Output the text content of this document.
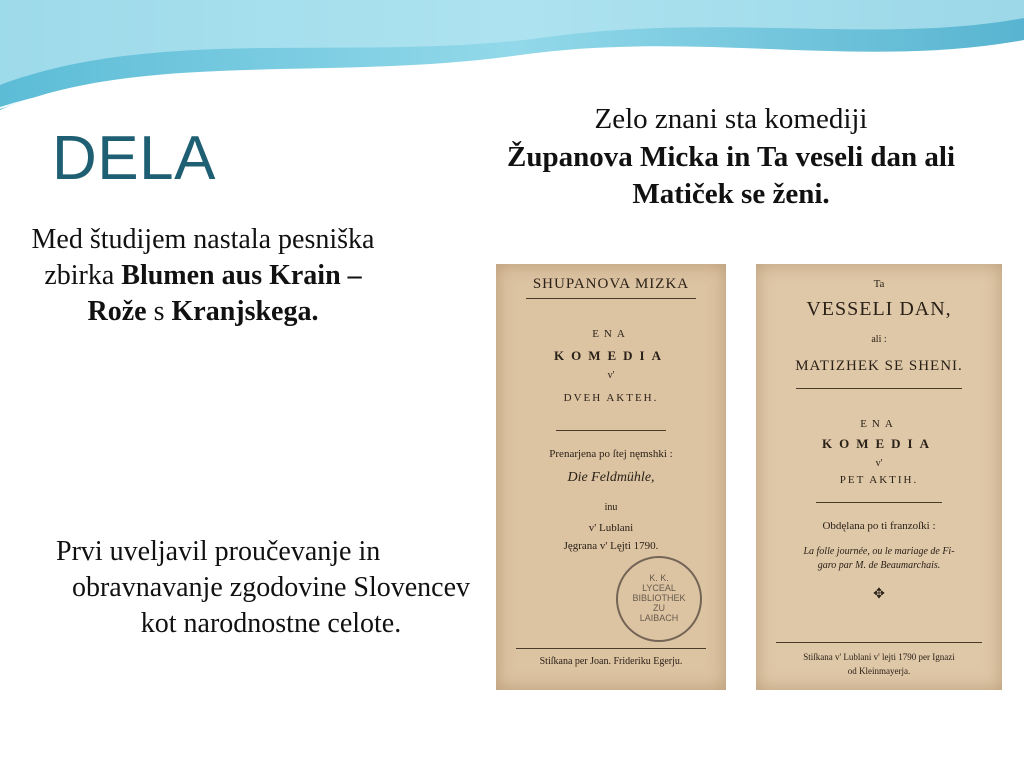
DELA
Med študijem nastala pesniška zbirka Blumen aus Krain – Rože s Kranjskega.
Zelo znani sta komediji
Županova Micka in Ta veseli dan ali Matiček se ženi.
Prvi uveljavil proučevanje in
obravnavanje zgodovine Slovencev kot narodnostne celote.
SHUPANOVA MIZKA
ENA
KOMEDIA
v'
DVEH AKTEH.
Prenarjena po ſtej nęmshki :
Die Feldmühle,
inu
v' Lublani
Jęgrana v' Lęjti 1790.
K. K.
LYCEAL
BIBLIOTHEK
ZU
LAIBACH
Stiſkana per Joan. Frideriku Egerju.
Ta
VESSELI DAN,
ali :
MATIZHEK SE SHENI.
ENA
KOMEDIA
v'
PET AKTIH.
Obdęlana po ti franzoſki :
La folle journée, ou le mariage de Fi-
garo par M. de Beaumarchais.
✥
Stiſkana v' Lublani v' lejti 1790 per Ignazi
od Kleinmayerja.
